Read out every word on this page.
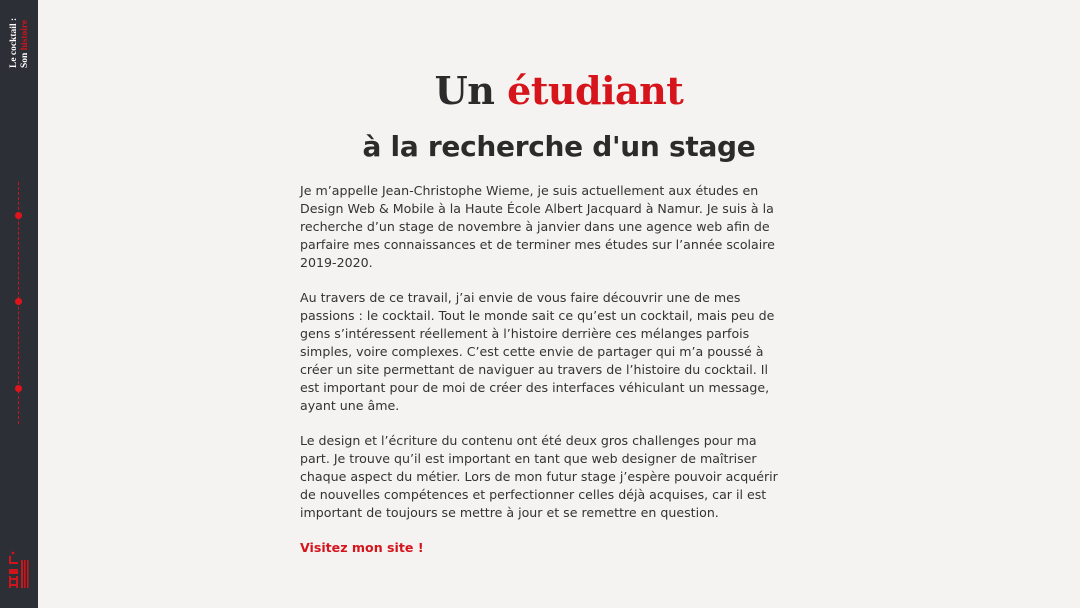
Le cocktail : Son histoire
Un étudiant
à la recherche d'un stage

Je m’appelle Jean-Christophe Wieme, je suis actuellement aux études en Design Web & Mobile à la Haute École Albert Jacquard à Namur. Je suis à la recherche d’un stage de novembre à janvier dans une agence web afin de parfaire mes connaissances et de terminer mes études sur l’année scolaire 2019-2020.

Au travers de ce travail, j’ai envie de vous faire découvrir une de mes passions : le cocktail. Tout le monde sait ce qu’est un cocktail, mais peu de gens s’intéressent réellement à l’histoire derrière ces mélanges parfois simples, voire complexes. C’est cette envie de partager qui m’a poussé à créer un site permettant de naviguer au travers de l’histoire du cocktail. Il est important pour de moi de créer des interfaces véhiculant un message, ayant une âme.

Le design et l’écriture du contenu ont été deux gros challenges pour ma part. Je trouve qu’il est important en tant que web designer de maîtriser chaque aspect du métier. Lors de mon futur stage j’espère pouvoir acquérir de nouvelles compétences et perfectionner celles déjà acquises, car il est important de toujours se mettre à jour et se remettre en question.

Visitez mon site !
